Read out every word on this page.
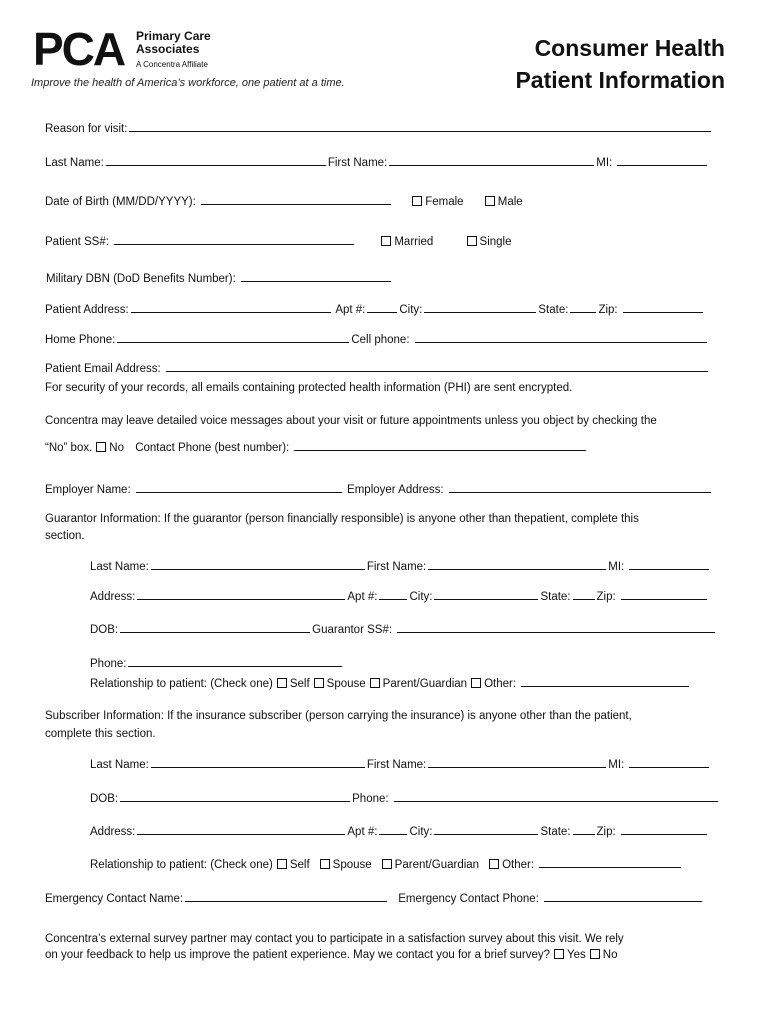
PCA Primary Care
Associates
A Concentra Affiliate
Improve the health of America’s workforce, one patient at a time.
Consumer Health
Patient Information
Reason for visit:
Last Name:	First Name:	MI:
Date of Birth (MM/DD/YYYY):	Female	Male
Patient SS#:	Married	Single
Military DBN (DoD Benefits Number):
Patient Address:	Apt #:	City:	State:	Zip:
Home Phone:	Cell phone:
Patient Email Address:
For security of your records, all emails containing protected health information (PHI) are sent encrypted.
Concentra may leave detailed voice messages about your visit or future appointments unless you object by checking the
“No” box. No Contact Phone (best number):
Employer Name:	Employer Address:
Guarantor Information: If the guarantor (person financially responsible) is anyone other than thepatient, complete this
section.
Last Name:	First Name:	MI:
Address:	Apt #:	City:	State: Zip:
DOB:	Guarantor SS#:
Phone:
Relationship to patient: (Check one) Self Spouse Parent/Guardian Other:
Subscriber Information: If the insurance subscriber (person carrying the insurance) is anyone other than the patient,
complete this section.
Last Name:	First Name:	MI:
DOB:	Phone:
Address:	Apt #:	City:	State: Zip:
Relationship to patient: (Check one) Self Spouse Parent/Guardian Other:
Emergency Contact Name:	Emergency Contact Phone:
Concentra’s external survey partner may contact you to participate in a satisfaction survey about this visit. We rely
on your feedback to help us improve the patient experience. May we contact you for a brief survey? Yes No
